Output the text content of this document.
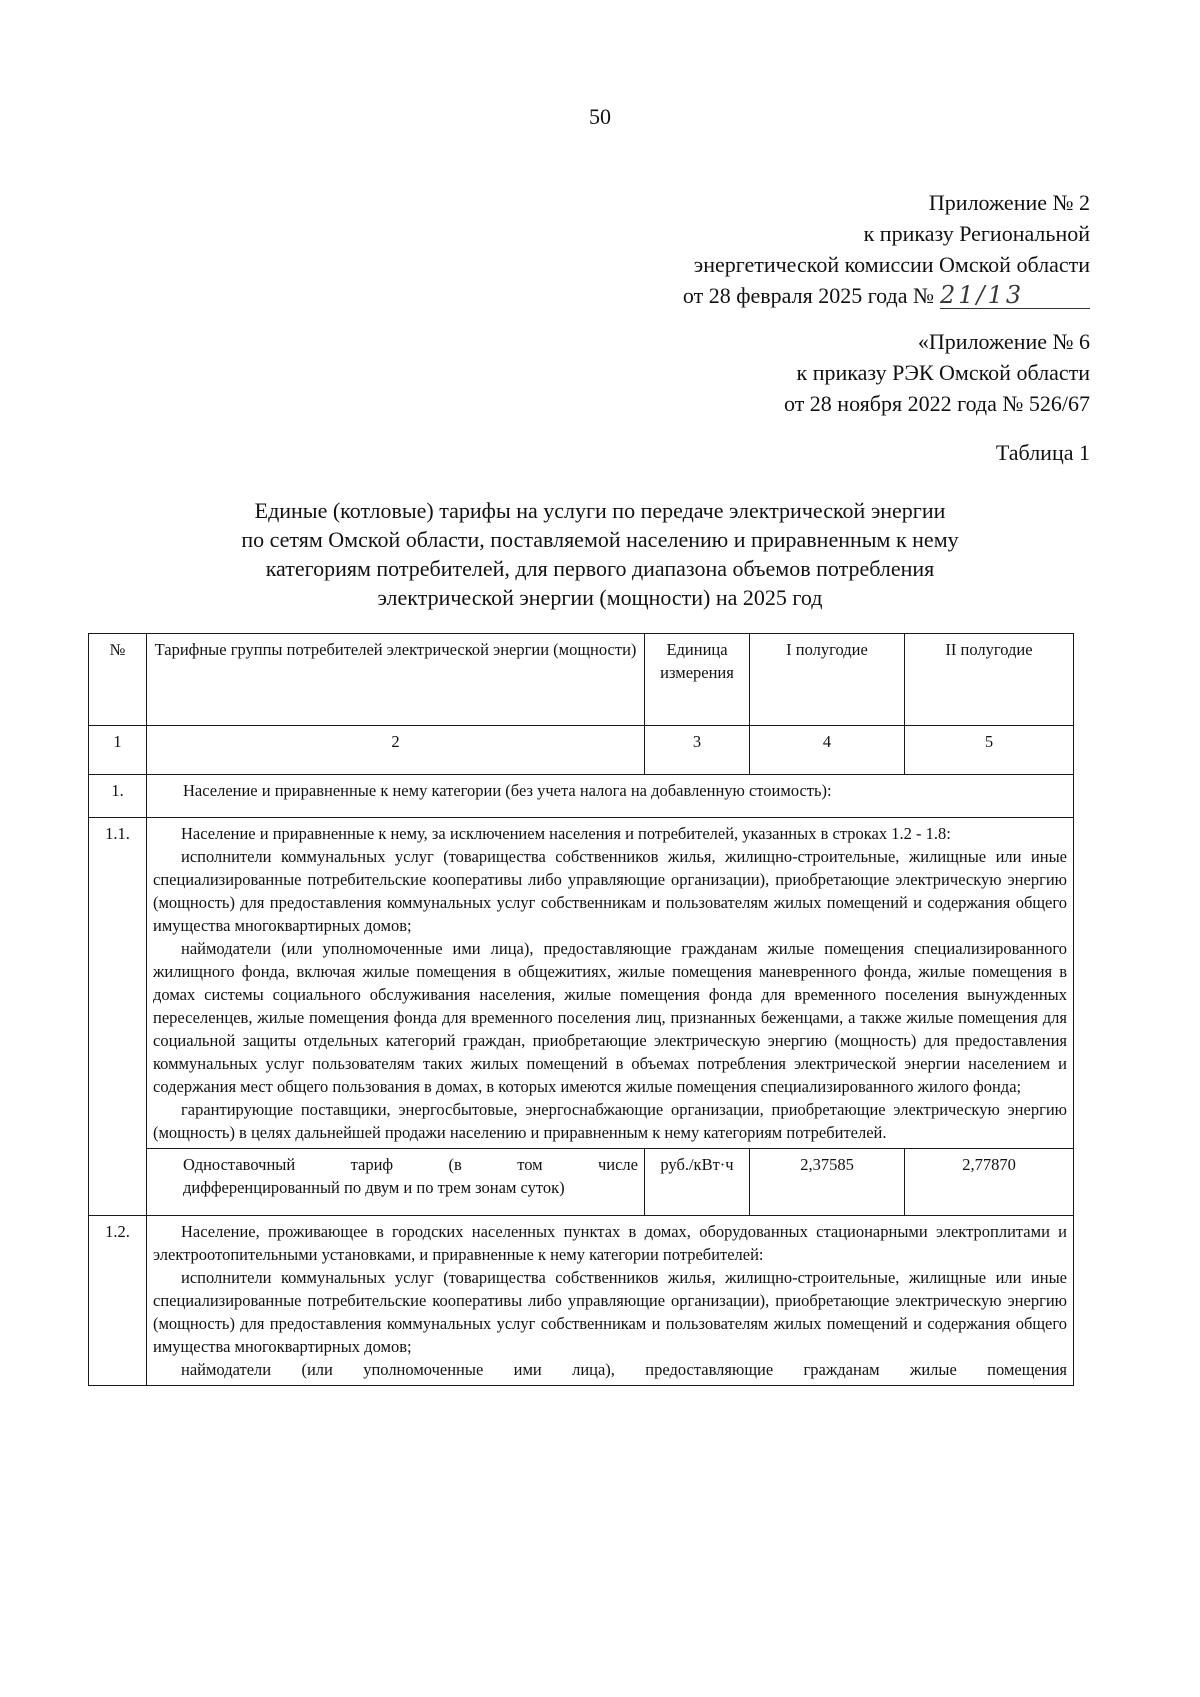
50
Приложение № 2
к приказу Региональной
энергетической комиссии Омской области
от 28 февраля 2025 года № 21/13
«Приложение № 6
к приказу РЭК Омской области
от 28 ноября 2022 года № 526/67
Таблица 1
Единые (котловые) тарифы на услуги по передаче электрической энергии
по сетям Омской области, поставляемой населению и приравненным к нему
категориям потребителей, для первого диапазона объемов потребления
электрической энергии (мощности) на 2025 год
№	Тарифные группы потребителей электрической энергии (мощности)	Единица измерения	I полугодие	II полугодие
1	2	3	4	5
1.	Население и приравненные к нему категории (без учета налога на добавленную стоимость):			
1.1.	Население и приравненные к нему, за исключением населения и потребителей, указанных в строках 1.2 - 1.8:

исполнители коммунальных услуг (товарищества собственников жилья, жилищно-строительные, жилищные или иные специализированные потребительские кооперативы либо управляющие организации), приобретающие электрическую энергию (мощность) для предоставления коммунальных услуг собственникам и пользователям жилых помещений и содержания общего имущества многоквартирных домов;

наймодатели (или уполномоченные ими лица), предоставляющие гражданам жилые помещения специализированного жилищного фонда, включая жилые помещения в общежитиях, жилые помещения маневренного фонда, жилые помещения в домах системы социального обслуживания населения, жилые помещения фонда для временного поселения вынужденных переселенцев, жилые помещения фонда для временного поселения лиц, признанных беженцами, а также жилые помещения для социальной защиты отдельных категорий граждан, приобретающие электрическую энергию (мощность) для предоставления коммунальных услуг пользователям таких жилых помещений в объемах потребления электрической энергии населением и содержания мест общего пользования в домах, в которых имеются жилые помещения специализированного жилого фонда;

гарантирующие поставщики, энергосбытовые, энергоснабжающие организации, приобретающие электрическую энергию (мощность) в целях дальнейшей продажи населению и приравненным к нему категориям потребителей.			

	Одноставочный тариф (в том числе
дифференцированный по двум и по трем зонам суток)	руб./кВт·ч	2,37585	2,77870
1.2.	Население, проживающее в городских населенных пунктах в домах, оборудованных стационарными электроплитами и электроотопительными установками, и приравненные к нему категории потребителей:

исполнители коммунальных услуг (товарищества собственников жилья, жилищно-строительные, жилищные или иные специализированные потребительские кооперативы либо управляющие организации), приобретающие электрическую энергию (мощность) для предоставления коммунальных услуг собственникам и пользователям жилых помещений и содержания общего имущества многоквартирных домов;

наймодатели (или уполномоченные ими лица), предоставляющие гражданам жилые помещения			
